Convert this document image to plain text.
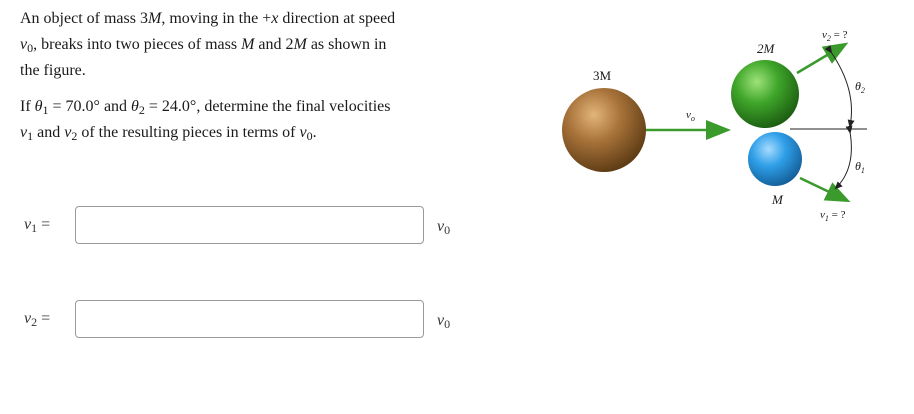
An object of mass 3M, moving in the +x direction at speed
v0, breaks into two pieces of mass M and 2M as shown in
the figure.

If θ1 = 70.0° and θ2 = 24.0°, determine the final velocities
v1 and v2 of the resulting pieces in terms of v0.

v1 =	v0
v2 =	v0
3M
$v_o$
2M
M
$v_2$ = ?
$v_1$ = ?
$\theta_2$
$\theta_1$
